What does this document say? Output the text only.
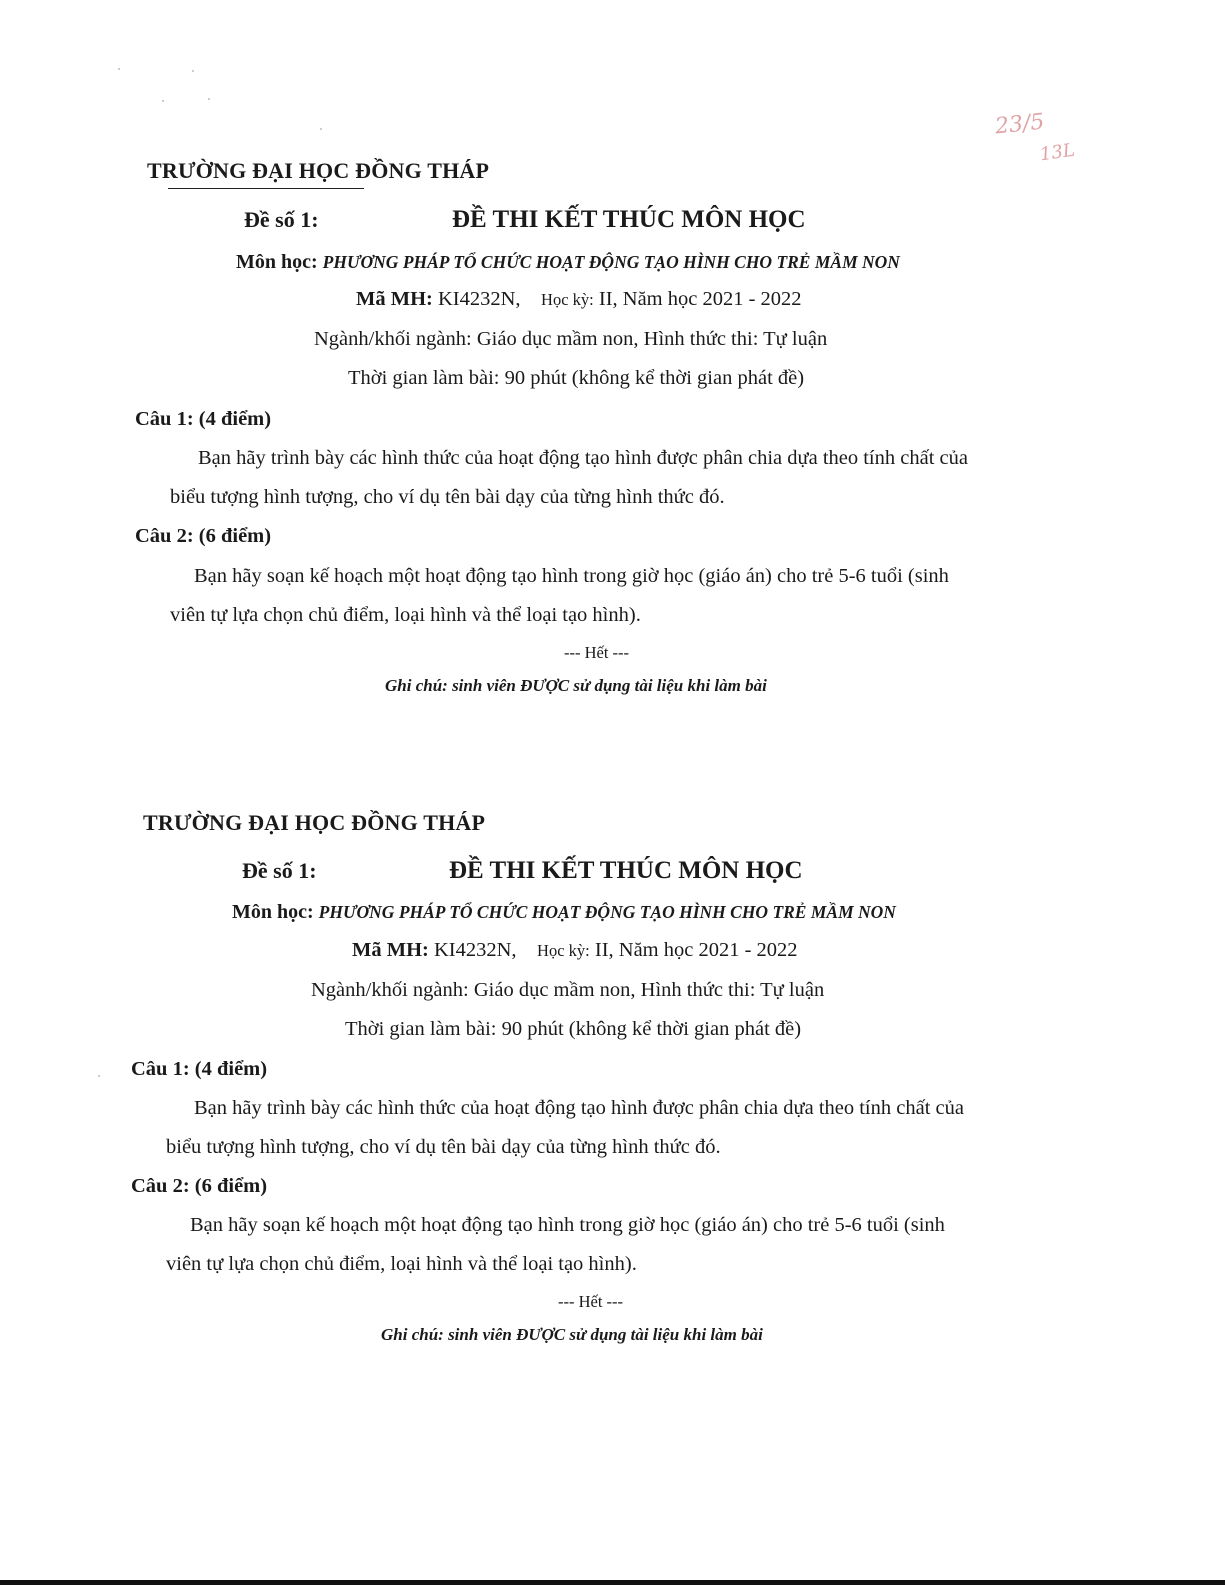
23/5
13L
TRƯỜNG ĐẠI HỌC ĐỒNG THÁP
Đề số 1:	ĐỀ THI KẾT THÚC MÔN HỌC
Môn học: PHƯƠNG PHÁP TỔ CHỨC HOẠT ĐỘNG TẠO HÌNH CHO TRẺ MẦM NON
Mã MH: KI4232N, Học kỳ: II, Năm học 2021 - 2022
Ngành/khối ngành: Giáo dục mầm non, Hình thức thi: Tự luận
Thời gian làm bài: 90 phút (không kể thời gian phát đề)
Câu 1: (4 điểm)
Bạn hãy trình bày các hình thức của hoạt động tạo hình được phân chia dựa theo tính chất của
biểu tượng hình tượng, cho ví dụ tên bài dạy của từng hình thức đó.
Câu 2: (6 điểm)
Bạn hãy soạn kế hoạch một hoạt động tạo hình trong giờ học (giáo án) cho trẻ 5-6 tuổi (sinh
viên tự lựa chọn chủ điểm, loại hình và thể loại tạo hình).
--- Hết ---
Ghi chú: sinh viên ĐƯỢC sử dụng tài liệu khi làm bài
TRƯỜNG ĐẠI HỌC ĐỒNG THÁP
Đề số 1:	ĐỀ THI KẾT THÚC MÔN HỌC
Môn học: PHƯƠNG PHÁP TỔ CHỨC HOẠT ĐỘNG TẠO HÌNH CHO TRẺ MẦM NON
Mã MH: KI4232N, Học kỳ: II, Năm học 2021 - 2022
Ngành/khối ngành: Giáo dục mầm non, Hình thức thi: Tự luận
Thời gian làm bài: 90 phút (không kể thời gian phát đề)
Câu 1: (4 điểm)
Bạn hãy trình bày các hình thức của hoạt động tạo hình được phân chia dựa theo tính chất của
biểu tượng hình tượng, cho ví dụ tên bài dạy của từng hình thức đó.
Câu 2: (6 điểm)
Bạn hãy soạn kế hoạch một hoạt động tạo hình trong giờ học (giáo án) cho trẻ 5-6 tuổi (sinh
viên tự lựa chọn chủ điểm, loại hình và thể loại tạo hình).
--- Hết ---
Ghi chú: sinh viên ĐƯỢC sử dụng tài liệu khi làm bài
